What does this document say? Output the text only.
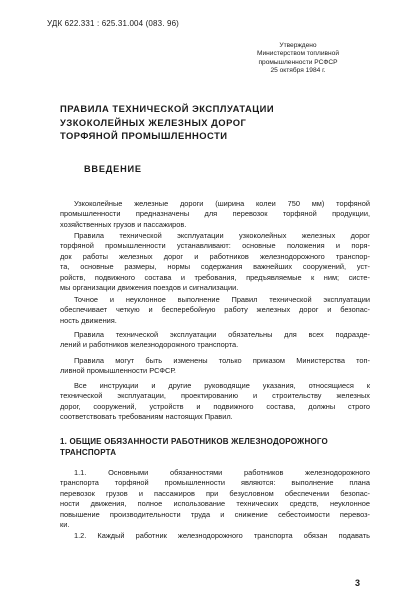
УДК 622.331 : 625.31.004 (083. 96)
Утверждено
Министерством топливной
промышленности РСФСР
25 октября 1984 г.
ПРАВИЛА ТЕХНИЧЕСКОЙ ЭКСПЛУАТАЦИИ
УЗКОКОЛЕЙНЫХ ЖЕЛЕЗНЫХ ДОРОГ
ТОРФЯНОЙ ПРОМЫШЛЕННОСТИ
ВВЕДЕНИЕ
Узкоколейные железные дороги (ширина колеи 750 мм) торфяной
промышленности предназначены для перевозок торфяной продукции,
хозяйственных грузов и пассажиров.
Правила технической эксплуатации узкоколейных железных дорог
торфяной промышленности устанавливают: основные положения и поря-
док работы железных дорог и работников железнодорожного транспор-
та, основные размеры, нормы содержания важнейших сооружений, уст-
ройств, подвижного состава и требования, предъявляемые к ним; систе-
мы организации движения поездов и сигнализации.
Точное и неуклонное выполнение Правил технической эксплуатации
обеспечивает четкую и бесперебойную работу железных дорог и безопас-
ность движения.
Правила технической эксплуатации обязательны для всех подразде-
лений и работников железнодорожного транспорта.
Правила могут быть изменены только приказом Министерства топ-
ливной промышленности РСФСР.
Все инструкции и другие руководящие указания, относящиеся к
технической эксплуатации, проектированию и строительству железных
дорог, сооружений, устройств и подвижного состава, должны строго
соответствовать требованиям настоящих Правил.
1. ОБЩИЕ ОБЯЗАННОСТИ РАБОТНИКОВ ЖЕЛЕЗНОДОРОЖНОГО
ТРАНСПОРТА
1.1. Основными обязанностями работников железнодорожного
транспорта торфяной промышленности являются: выполнение плана
перевозок грузов и пассажиров при безусловном обеспечении безопас-
ности движения, полное использование технических средств, неуклонное
повышение производительности труда и снижение себестоимости перевоз-
ки.
1.2. Каждый работник железнодорожного транспорта обязан подавать
3
